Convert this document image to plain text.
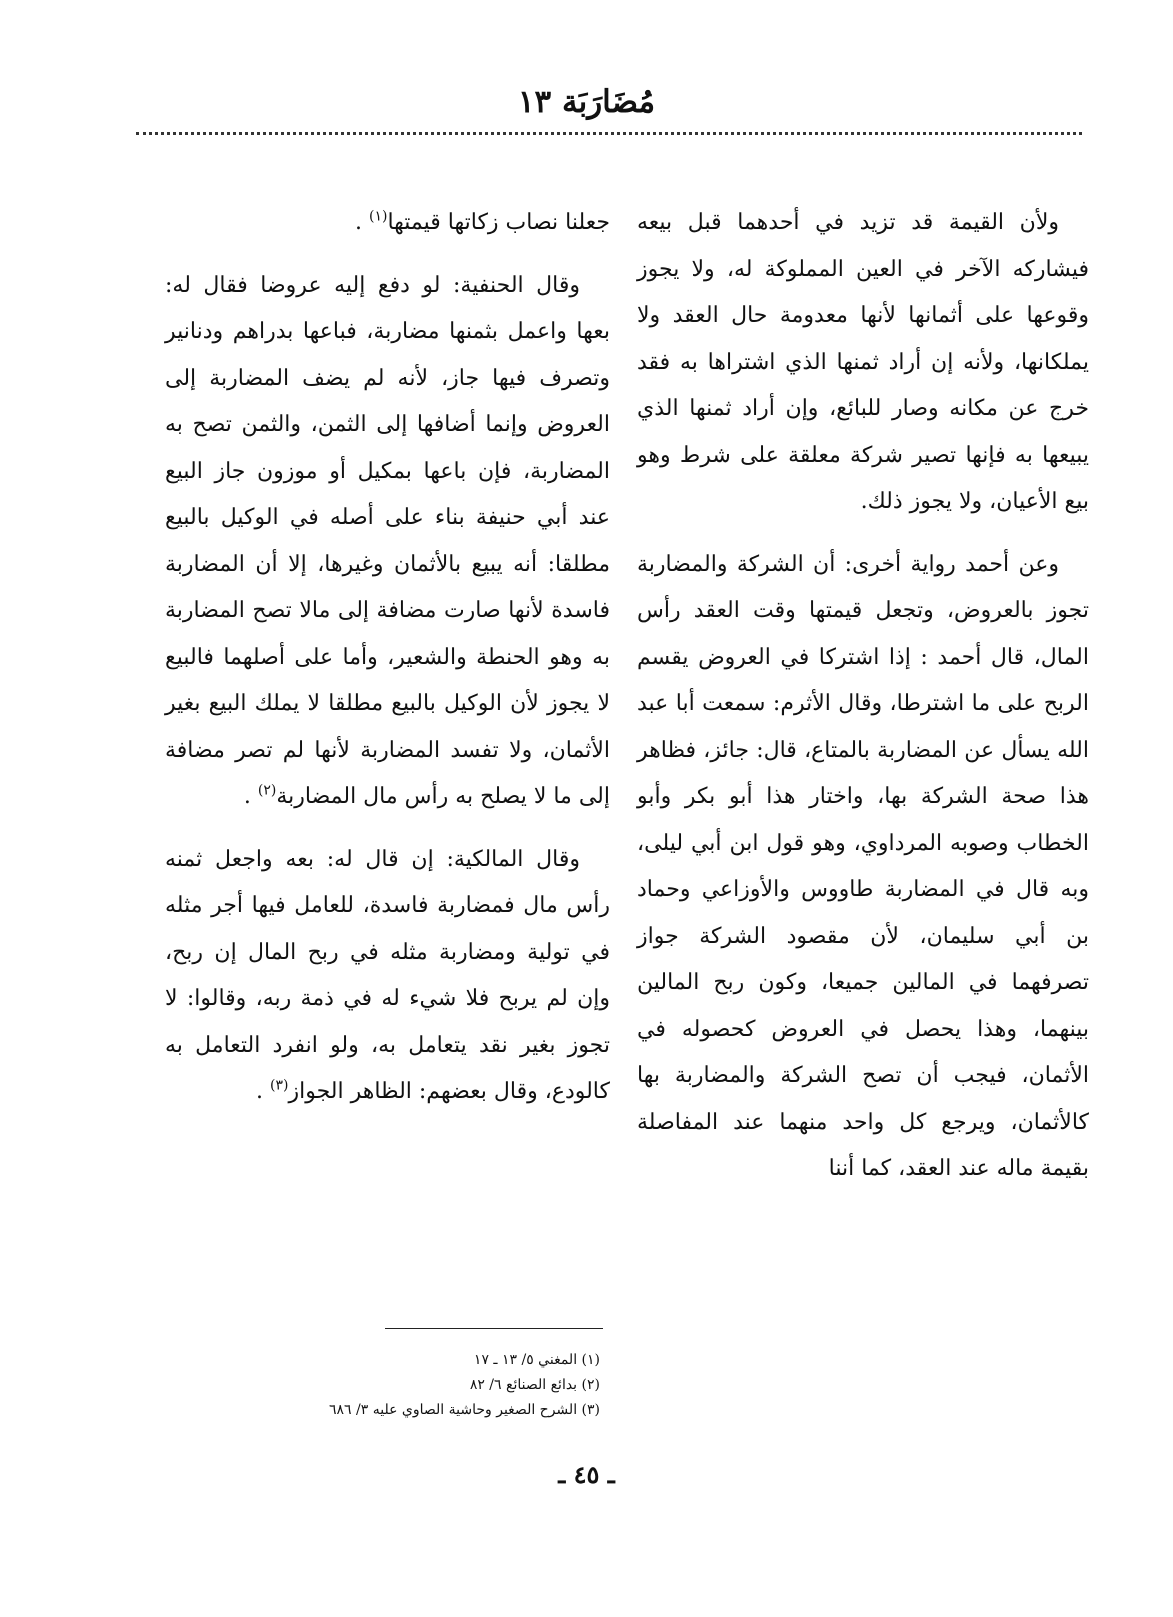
مُضَارَبَة ١٣

ولأن القيمة قد تزيد في أحدهما قبل بيعه فيشاركه الآخر في العين المملوكة له، ولا يجوز وقوعها على أثمانها لأنها معدومة حال العقد ولا يملكانها، ولأنه إن أراد ثمنها الذي اشتراها به فقد خرج عن مكانه وصار للبائع، وإن أراد ثمنها الذي يبيعها به فإنها تصير شركة معلقة على شرط وهو بيع الأعيان، ولا يجوز ذلك.

وعن أحمد رواية أخرى: أن الشركة والمضاربة تجوز بالعروض، وتجعل قيمتها وقت العقد رأس المال، قال أحمد : إذا اشتركا في العروض يقسم الربح على ما اشترطا، وقال الأثرم: سمعت أبا عبد الله يسأل عن المضاربة بالمتاع، قال: جائز، فظاهر هذا صحة الشركة بها، واختار هذا أبو بكر وأبو الخطاب وصوبه المرداوي، وهو قول ابن أبي ليلى، وبه قال في المضاربة طاووس والأوزاعي وحماد بن أبي سليمان، لأن مقصود الشركة جواز تصرفهما في المالين جميعا، وكون ربح المالين بينهما، وهذا يحصل في العروض كحصوله في الأثمان، فيجب أن تصح الشركة والمضاربة بها كالأثمان، ويرجع كل واحد منهما عند المفاصلة بقيمة ماله عند العقد، كما أننا

جعلنا نصاب زكاتها قيمتها$^{(١)}$ .

وقال الحنفية: لو دفع إليه عروضا فقال له: بعها واعمل بثمنها مضاربة، فباعها بدراهم ودنانير وتصرف فيها جاز، لأنه لم يضف المضاربة إلى العروض وإنما أضافها إلى الثمن، والثمن تصح به المضاربة، فإن باعها بمكيل أو موزون جاز البيع عند أبي حنيفة بناء على أصله في الوكيل بالبيع مطلقا: أنه يبيع بالأثمان وغيرها، إلا أن المضاربة فاسدة لأنها صارت مضافة إلى مالا تصح المضاربة به وهو الحنطة والشعير، وأما على أصلهما فالبيع لا يجوز لأن الوكيل بالبيع مطلقا لا يملك البيع بغير الأثمان، ولا تفسد المضاربة لأنها لم تصر مضافة إلى ما لا يصلح به رأس مال المضاربة$^{(٢)}$ .

وقال المالكية: إن قال له: بعه واجعل ثمنه رأس مال فمضاربة فاسدة، للعامل فيها أجر مثله في تولية ومضاربة مثله في ربح المال إن ربح، وإن لم يربح فلا شيء له في ذمة ربه، وقالوا: لا تجوز بغير نقد يتعامل به، ولو انفرد التعامل به كالودع، وقال بعضهم: الظاهر الجواز$^{(٣)}$ .

(١) المغني ٥/ ١٣ ـ ١٧
(٢) بدائع الصنائع ٦/ ٨٢
(٣) الشرح الصغير وحاشية الصاوي عليه ٣/ ٦٨٦
ـ ٤٥ ـ
